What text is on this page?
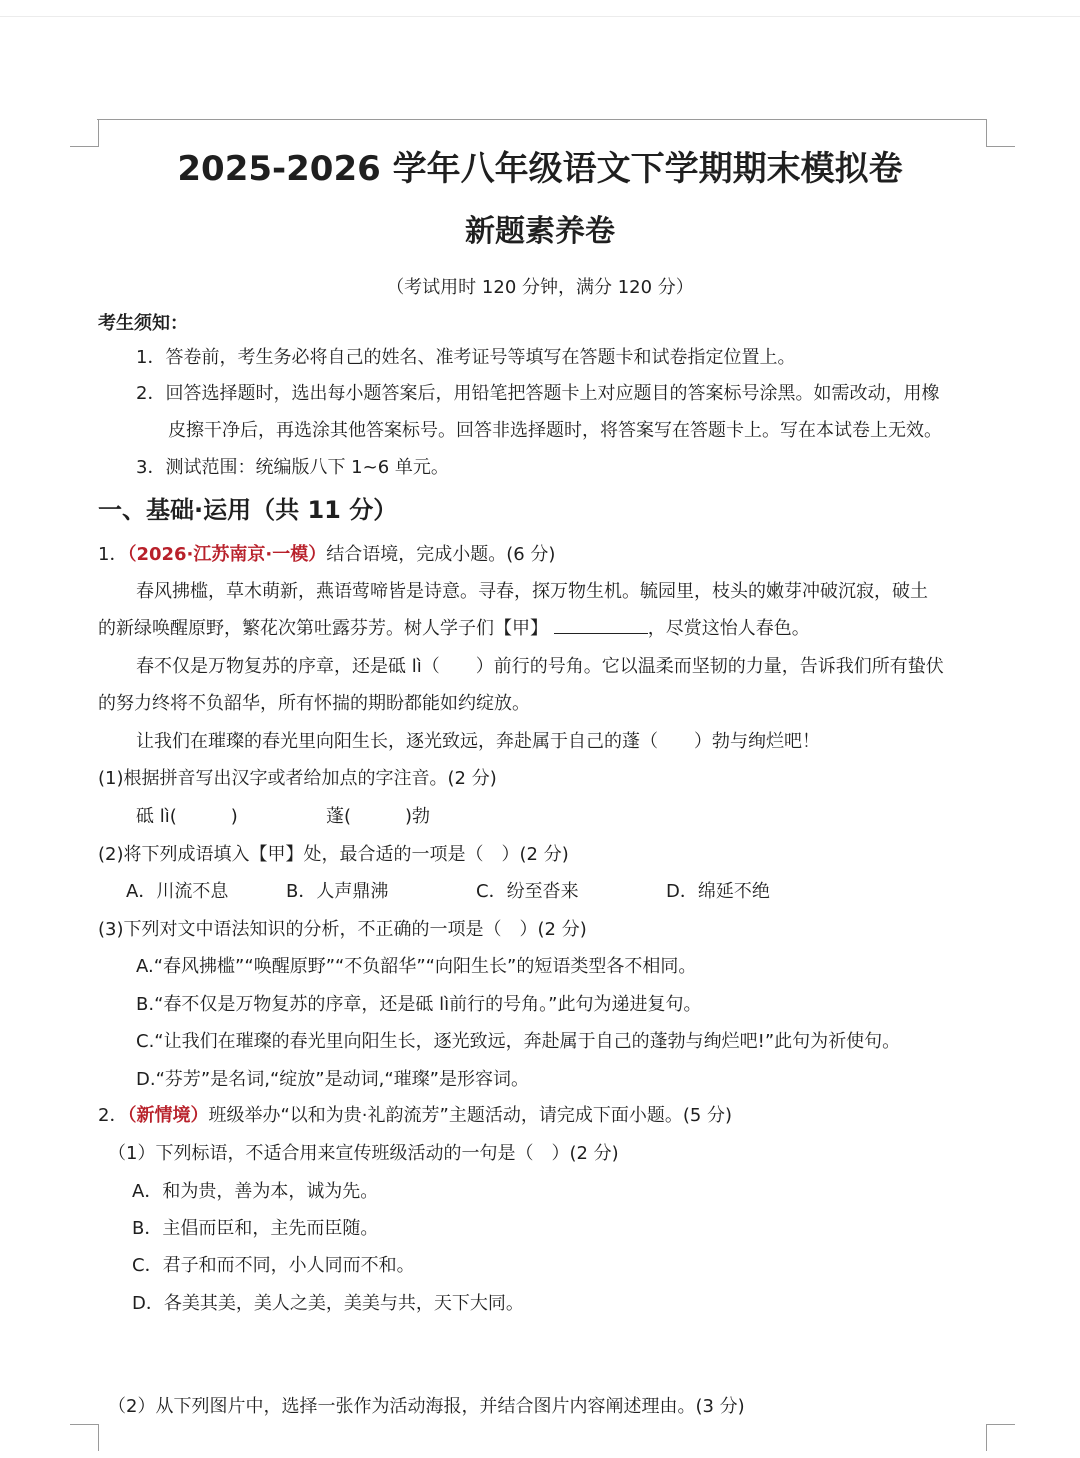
2025-2026 学年八年级语文下学期期末模拟卷
新题素养卷
（考试用时 120 分钟，满分 120 分）
考生须知：
1．答卷前，考生务必将自己的姓名、准考证号等填写在答题卡和试卷指定位置上。
2．回答选择题时，选出每小题答案后，用铅笔把答题卡上对应题目的答案标号涂黑。如需改动，用橡
皮擦干净后，再选涂其他答案标号。回答非选择题时，将答案写在答题卡上。写在本试卷上无效。
3．测试范围：统编版八下 1~6 单元。
一、基础·运用（共 11 分）
1．（2026·江苏南京·一模）结合语境，完成小题。(6 分)
春风拂槛，草木萌新，燕语莺啼皆是诗意。寻春，探万物生机。毓园里，枝头的嫩芽冲破沉寂，破土
的新绿唤醒原野，繁花次第吐露芬芳。树人学子们【甲】	，尽赏这怡人春色。
春不仅是万物复苏的序章，还是砥 lì（　　）前行的号角。它以温柔而坚韧的力量，告诉我们所有蛰伏
的努力终将不负韶华，所有怀揣的期盼都能如约绽放。
让我们在璀璨的春光里向阳生长，逐光致远，奔赴属于自己的蓬（　　）勃与绚烂吧！
(1)根据拼音写出汉字或者给加点的字注音。(2 分)
砥 lì(　　　)	蓬(　　　)勃
(2)将下列成语填入【甲】处，最合适的一项是（　）(2 分)
A．川流不息	B．人声鼎沸	C．纷至沓来	D．绵延不绝
(3)下列对文中语法知识的分析，不正确的一项是（　）(2 分)
A.“春风拂槛”“唤醒原野”“不负韶华”“向阳生长”的短语类型各不相同。
B.“春不仅是万物复苏的序章，还是砥 lì前行的号角。”此句为递进复句。
C.“让我们在璀璨的春光里向阳生长，逐光致远，奔赴属于自己的蓬勃与绚烂吧!”此句为祈使句。
D.“芬芳”是名词,“绽放”是动词,“璀璨”是形容词。
2．（新情境）班级举办“以和为贵·礼韵流芳”主题活动，请完成下面小题。(5 分)
（1）下列标语，不适合用来宣传班级活动的一句是（　）(2 分)
A．和为贵，善为本，诚为先。
B．主倡而臣和，主先而臣随。
C．君子和而不同，小人同而不和。
D．各美其美，美人之美，美美与共，天下大同。
（2）从下列图片中，选择一张作为活动海报，并结合图片内容阐述理由。(3 分)
